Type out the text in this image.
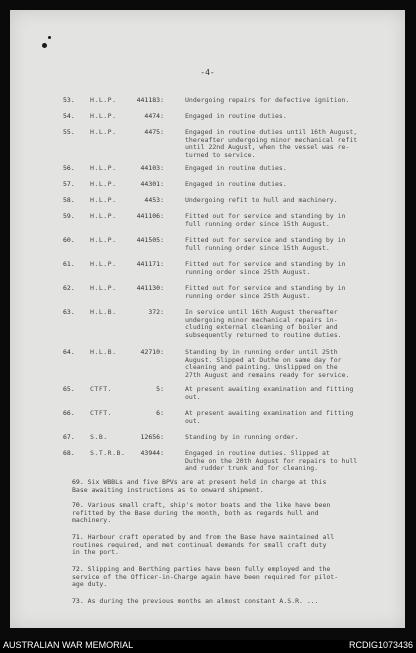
-4-
53. H.L.P.	441183:	Undergoing repairs for defective ignition.
54. H.L.P.	4474:	Engaged in routine duties.
55. H.L.P.	4475:	Engaged in routine duties until 16th August,
thereafter undergoing minor mechanical refit
until 22nd August, when the vessel was re-
turned to service.
56. H.L.P.	44103:	Engaged in routine duties.
57. H.L.P.	44301:	Engaged in routine duties.
58. H.L.P.	4453:	Undergoing refit to hull and machinery.
59. H.L.P.	441106:	Fitted out for service and standing by in
full running order since 15th August.
60. H.L.P.	441505:	Fitted out for service and standing by in
full running order since 15th August.
61. H.L.P.	441171:	Fitted out for service and standing by in
running order since 25th August.
62. H.L.P.	441130:	Fitted out for service and standing by in
running order since 25th August.
63. H.L.B.	372:	In service until 16th August thereafter
undergoing minor mechanical repairs in-
cluding external cleaning of boiler and
subsequently returned to routine duties.
64. H.L.B.	42710:	Standing by in running order until 25th
August. Slipped at Duthe on same day for
cleaning and painting. Unslipped on the
27th August and remains ready for service.
65. CTFT.	5:	At present awaiting examination and fitting
out.
66. CTFT.	6:	At present awaiting examination and fitting
out.
67. S.B.	12656:	Standing by in running order.
68. S.T.R.B. 43944:	Engaged in routine duties. Slipped at
Duthe on the 20th August for repairs to hull
and rudder trunk and for cleaning.
69. Six WBBLs and five BPVs are at present held in charge at this
Base awaiting instructions as to onward shipment.
70. Various small craft, ship's motor boats and the like have been
refitted by the Base during the month, both as regards hull and
machinery.
71. Harbour craft operated by and from the Base have maintained all
routines required, and met continual demands for small craft duty
in the port.
72. Slipping and Berthing parties have been fully employed and the
service of the Officer-in-Charge again have been required for pilot-
age duty.
73. As during the previous months an almost constant A.S.R. ...
AUSTRALIAN WAR MEMORIAL	RCDIG1073436
